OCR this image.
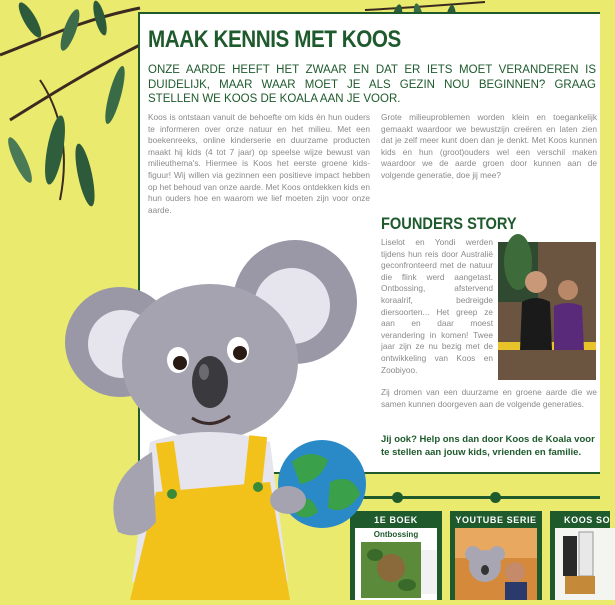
MAAK KENNIS MET KOOS

ONZE AARDE HEEFT HET ZWAAR EN DAT ER IETS MOET VERANDEREN IS DUIDELIJK, MAAR WAAR MOET JE ALS GEZIN NOU BEGINNEN? GRAAG STELLEN WE KOOS DE KOALA AAN JE VOOR.

Koos is ontstaan vanuit de behoefte om kids én hun ouders te informeren over onze natuur en het milieu. Met een boekenreeks, online kinderserie en duurzame producten maakt hij kids (4 tot 7 jaar) op speelse wijze bewust van milieuthema's. Hiermee is Koos het eerste groene kids-figuur! Wij willen via gezinnen een positieve impact hebben op het behoud van onze aarde. Met Koos ontdekken kids en hun ouders hoe en waarom we lief moeten zijn voor onze aarde.

Grote milieuproblemen worden klein en toegankelijk gemaakt waardoor we bewustzijn creëren en laten zien dat je zelf meer kunt doen dan je denkt. Met Koos kunnen kids en hun (groot)ouders wel een verschil maken waardoor we de aarde groen door kunnen aan de volgende generatie, doe jij mee?

FOUNDERS STORY

Liselot en Yondi werden tijdens hun reis door Australië geconfronteerd met de natuur die flink werd aangetast. Ontbossing, afstervend koraalrif, bedreigde diersoorten... Het greep ze aan en daar moest verandering in komen! Twee jaar zijn ze nu bezig met de ontwikkeling van Koos en Zoobiyoo.

Zij dromen van een duurzame en groene aarde die we samen kunnen doorgeven aan de volgende generaties.

Jij ook? Help ons dan door Koos de Koala voor te stellen aan jouw kids, vrienden en familie.

1E BOEK
Ontbossing
YOUTUBE SERIE	KOOS SO
